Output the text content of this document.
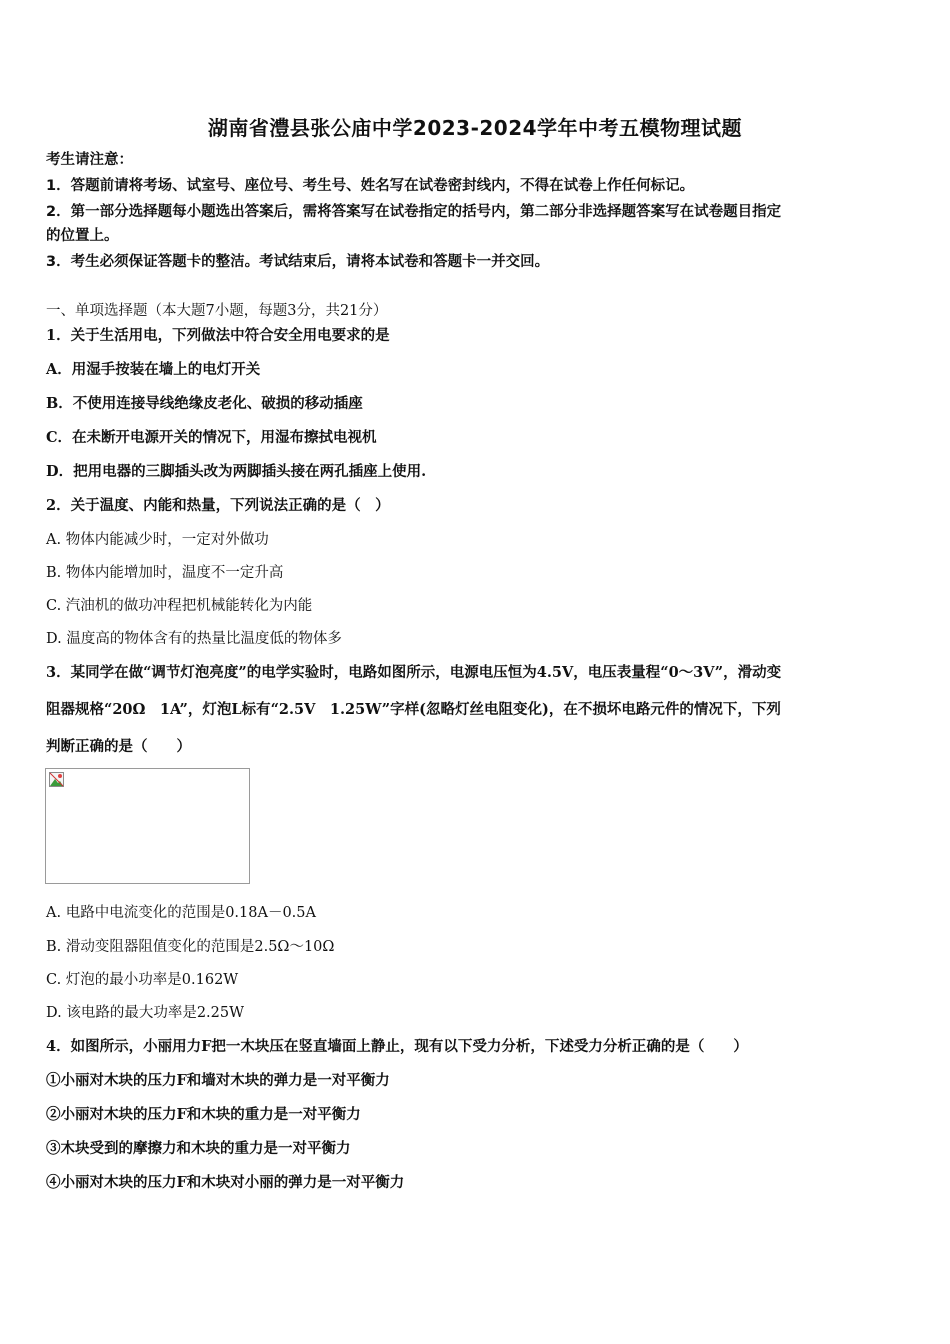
湖南省澧县张公庙中学2023-2024学年中考五模物理试题
考生请注意：
1．答题前请将考场、试室号、座位号、考生号、姓名写在试卷密封线内，不得在试卷上作任何标记。
2．第一部分选择题每小题选出答案后，需将答案写在试卷指定的括号内，第二部分非选择题答案写在试卷题目指定
的位置上。
3．考生必须保证答题卡的整洁。考试结束后，请将本试卷和答题卡一并交回。
一、单项选择题（本大题7小题，每题3分，共21分）
1．关于生活用电，下列做法中符合安全用电要求的是
A．用湿手按装在墙上的电灯开关
B．不使用连接导线绝缘皮老化、破损的移动插座
C．在未断开电源开关的情况下，用湿布擦拭电视机
D．把用电器的三脚插头改为两脚插头接在两孔插座上使用.
2．关于温度、内能和热量，下列说法正确的是（　）
A. 物体内能减少时，一定对外做功
B. 物体内能增加时，温度不一定升高
C. 汽油机的做功冲程把机械能转化为内能
D. 温度高的物体含有的热量比温度低的物体多
3．某同学在做“调节灯泡亮度”的电学实验时，电路如图所示，电源电压恒为4.5V，电压表量程“0～3V”，滑动变
阻器规格“20Ω　1A”，灯泡L标有“2.5V　1.25W”字样(忽略灯丝电阻变化)，在不损坏电路元件的情况下，下列
判断正确的是（　　）
A. 电路中电流变化的范围是0.18A－0.5A
B. 滑动变阻器阻值变化的范围是2.5Ω～10Ω
C. 灯泡的最小功率是0.162W
D. 该电路的最大功率是2.25W
4．如图所示，小丽用力F把一木块压在竖直墙面上静止，现有以下受力分析，下述受力分析正确的是（　　）
①小丽对木块的压力F和墙对木块的弹力是一对平衡力
②小丽对木块的压力F和木块的重力是一对平衡力
③木块受到的摩擦力和木块的重力是一对平衡力
④小丽对木块的压力F和木块对小丽的弹力是一对平衡力
